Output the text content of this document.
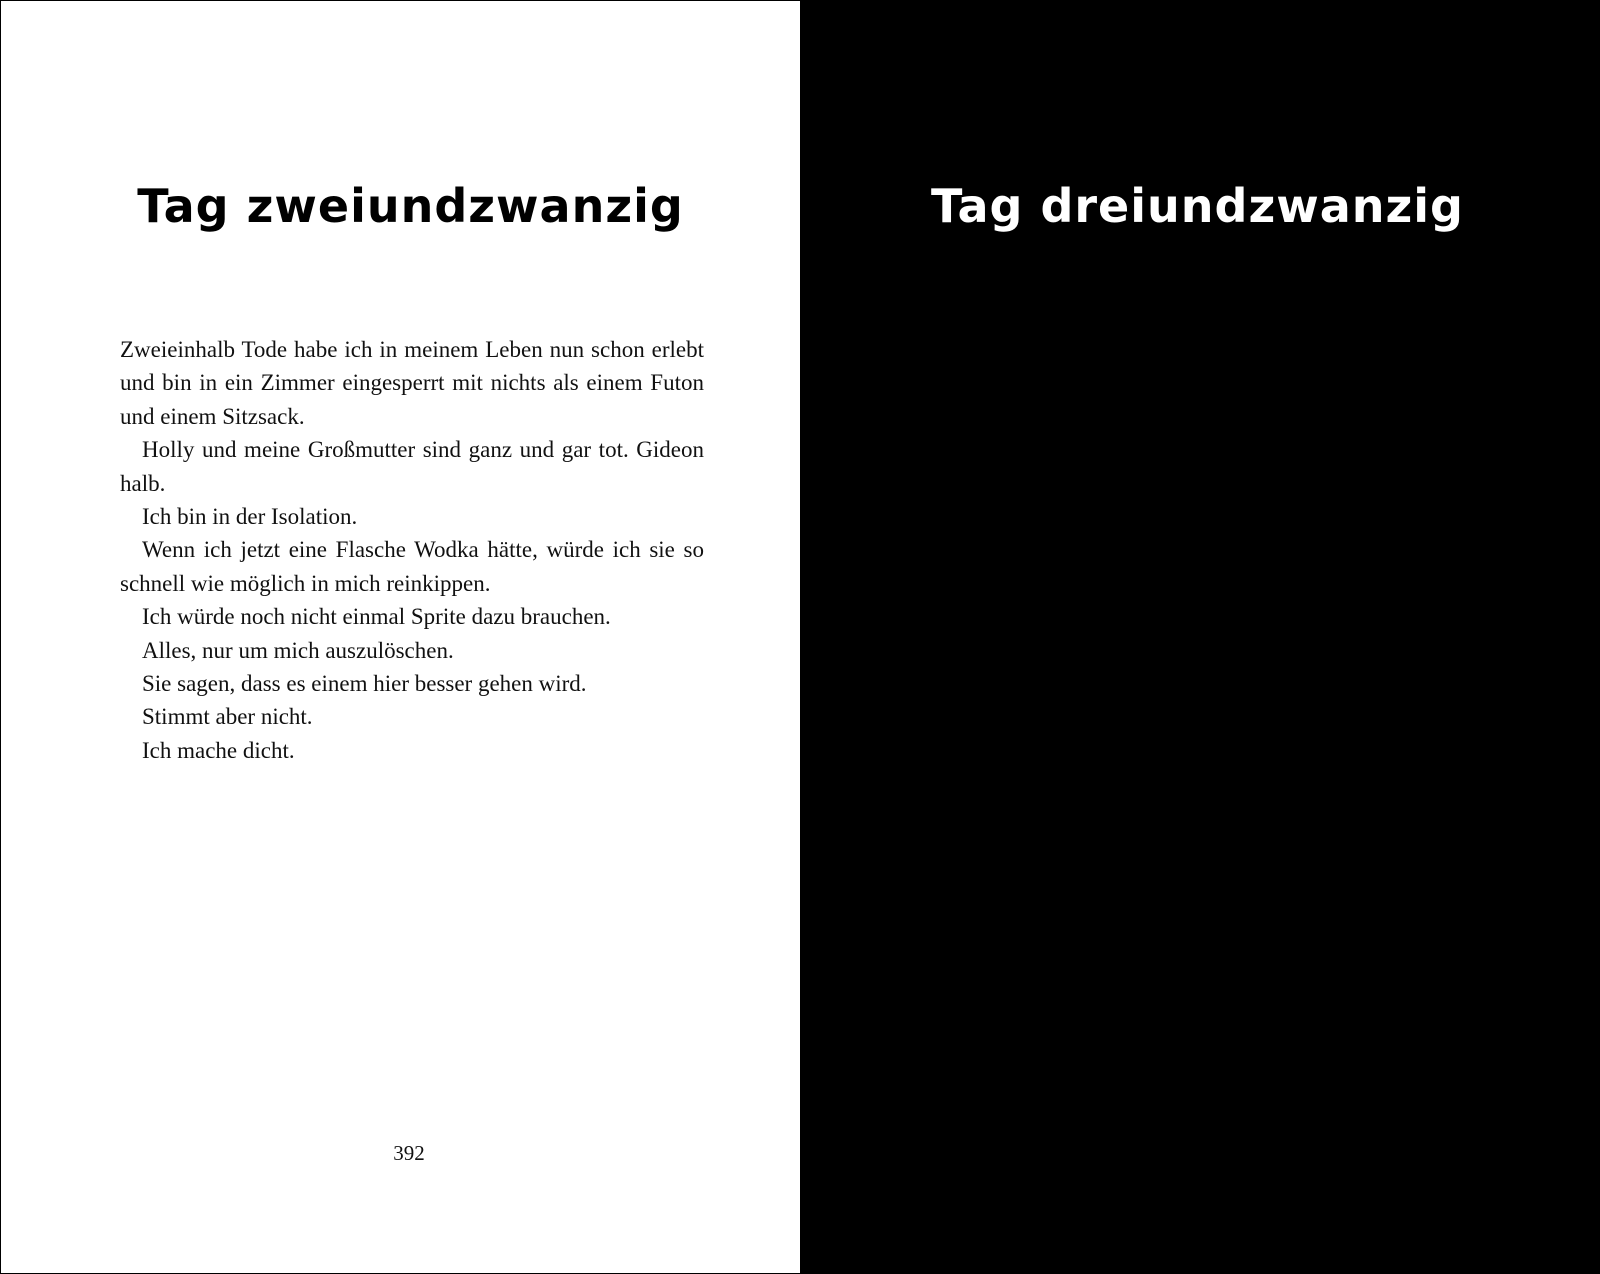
Tag zweiundzwanzig

Zweieinhalb Tode habe ich in meinem Leben nun schon erlebt und bin in ein Zimmer eingesperrt mit nichts als einem Futon und einem Sitzsack.

Holly und meine Großmutter sind ganz und gar tot. Gideon halb.

Ich bin in der Isolation.

Wenn ich jetzt eine Flasche Wodka hätte, würde ich sie so schnell wie möglich in mich reinkippen.

Ich würde noch nicht einmal Sprite dazu brauchen.

Alles, nur um mich auszulöschen.

Sie sagen, dass es einem hier besser gehen wird.

Stimmt aber nicht.

Ich mache dicht.

392
Tag dreiundzwanzig
